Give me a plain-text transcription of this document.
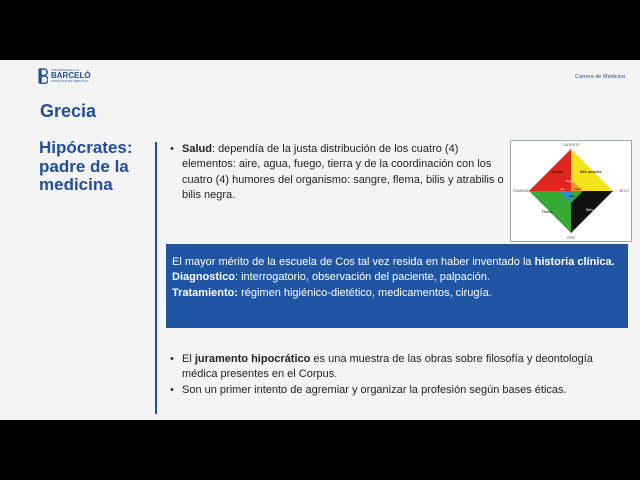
UNIVERSIDAD H.A.
BARCELÓ
FACULTAD DE MEDICINA
Carrera de Medicina
Grecia
Hipócrates: padre de la medicina
• Salud: dependía de la justa distribución de los cuatro (4) elementos: aire, agua, fuego, tierra y de la coordinación con los cuatro (4) humores del organismo: sangre, flema, bilis y atrabilis o bilis negra.
CALIENTE
FRÍO
HÚMEDO	SECO
Sangre	Bilis amarilla
Flema	Bilis negra
Fuego
Aire	Tierra
Agua

El mayor mérito de la escuela de Cos tal vez resida en haber inventado la historia clínica.

Diagnostico: interrogatorio, observación del paciente, palpación.

Tratamiento: régimen higiénico-dietético, medicamentos, cirugía.

• El juramento hipocrático es una muestra de las obras sobre filosofía y deontología médica presentes en el Corpus.
• Son un primer intento de agremiar y organizar la profesión según bases éticas.
